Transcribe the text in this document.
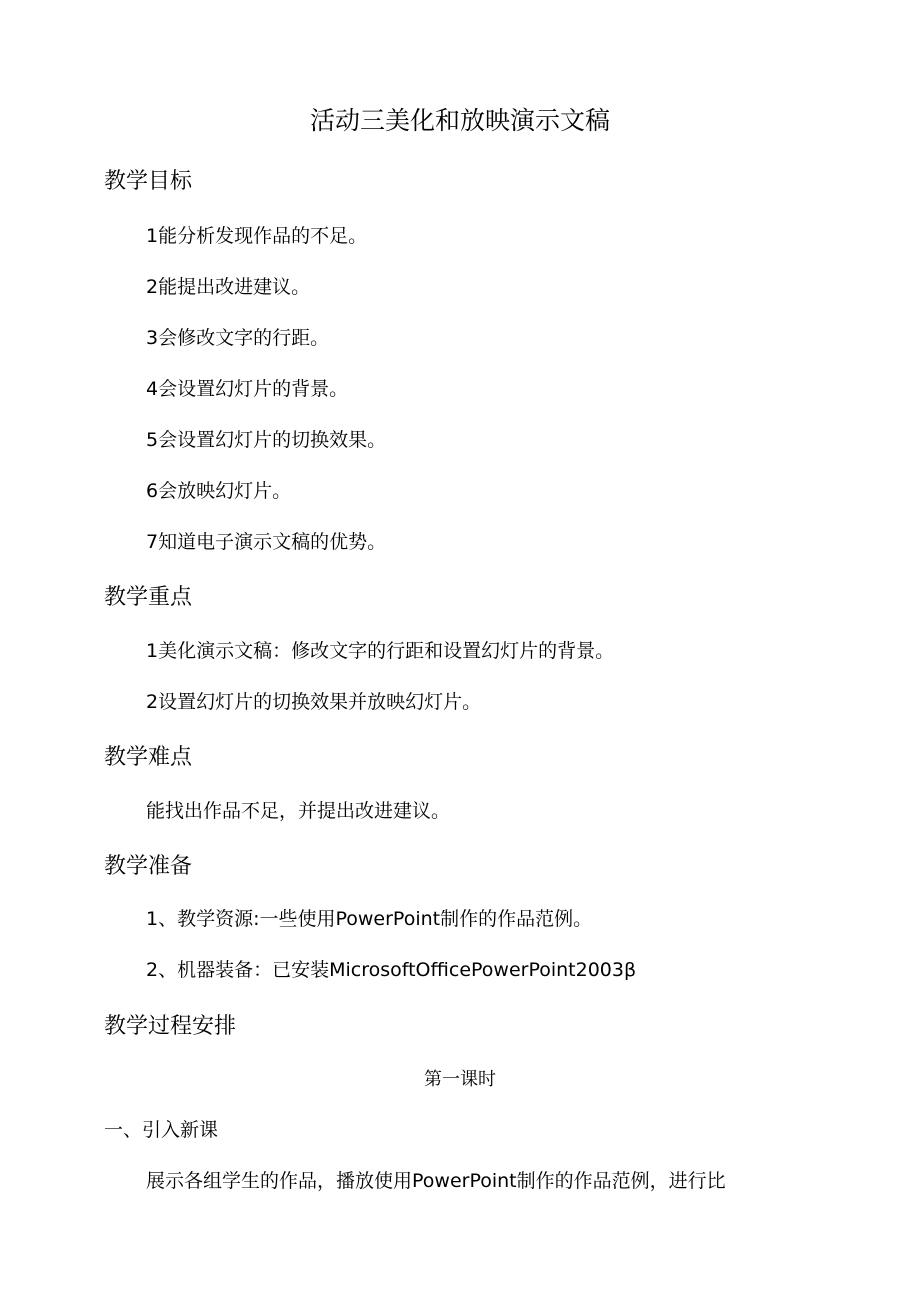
活动三美化和放映演示文稿
教学目标
1能分析发现作品的不足。
2能提出改进建议。
3会修改文字的行距。
4会设置幻灯片的背景。
5会设置幻灯片的切换效果。
6会放映幻灯片。
7知道电子演示文稿的优势。
教学重点
1美化演示文稿：修改文字的行距和设置幻灯片的背景。
2设置幻灯片的切换效果并放映幻灯片。
教学难点
能找出作品不足，并提出改进建议。
教学准备
1、教学资源:一些使用PowerPoint制作的作品范例。
2、机器装备：已安装MicrosoftOfficePowerPoint2003β
教学过程安排
第一课时
一、引入新课
展示各组学生的作品，播放使用PowerPoint制作的作品范例，进行比
